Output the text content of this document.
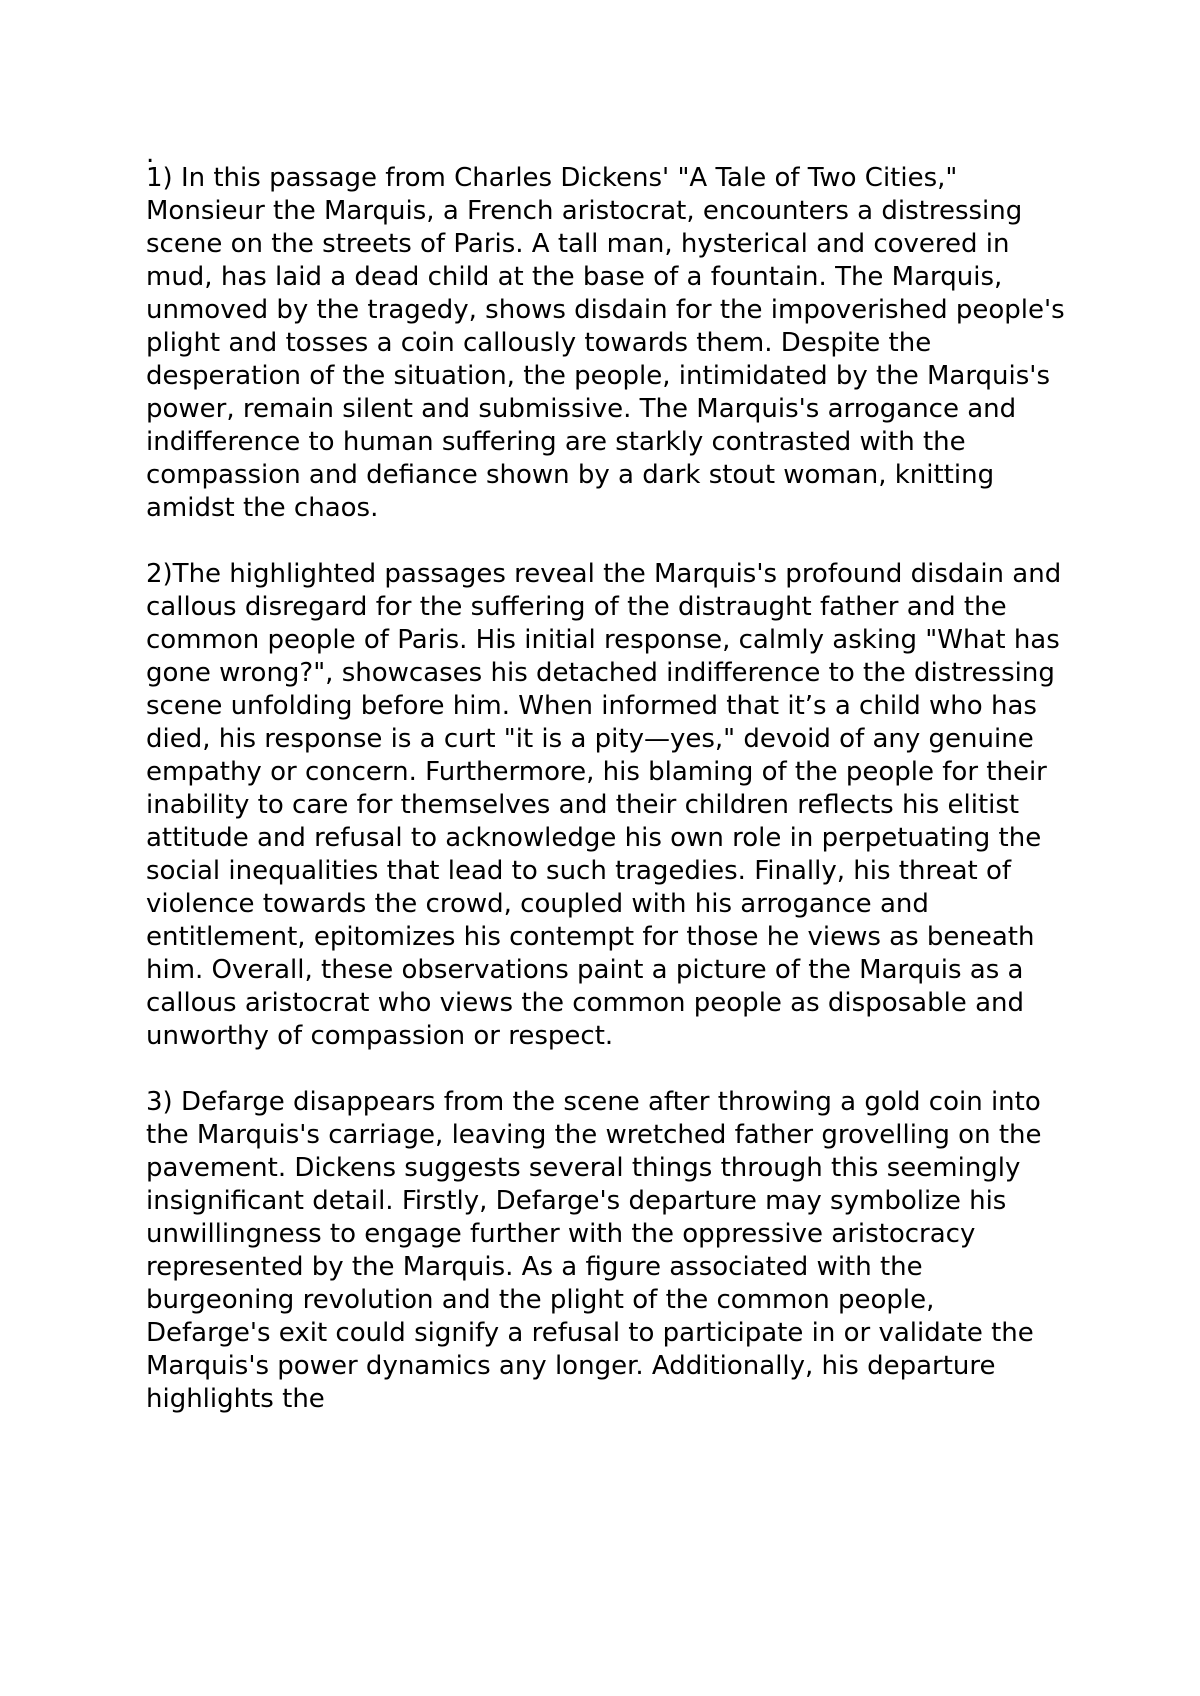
.

1) In this passage from Charles Dickens' "A Tale of Two Cities," Monsieur the Marquis, a French aristocrat, encounters a distressing scene on the streets of Paris. A tall man, hysterical and covered in mud, has laid a dead child at the base of a fountain. The Marquis, unmoved by the tragedy, shows disdain for the impoverished people's plight and tosses a coin callously towards them. Despite the desperation of the situation, the people, intimidated by the Marquis's power, remain silent and submissive. The Marquis's arrogance and indifference to human suffering are starkly contrasted with the compassion and defiance shown by a dark stout woman, knitting amidst the chaos.

2)The highlighted passages reveal the Marquis's profound disdain and callous disregard for the suffering of the distraught father and the common people of Paris. His initial response, calmly asking "What has gone wrong?", showcases his detached indifference to the distressing scene unfolding before him. When informed that it’s a child who has died, his response is a curt "it is a pity—yes," devoid of any genuine empathy or concern. Furthermore, his blaming of the people for their inability to care for themselves and their children reflects his elitist attitude and refusal to acknowledge his own role in perpetuating the social inequalities that lead to such tragedies. Finally, his threat of violence towards the crowd, coupled with his arrogance and entitlement, epitomizes his contempt for those he views as beneath him. Overall, these observations paint a picture of the Marquis as a callous aristocrat who views the common people as disposable and unworthy of compassion or respect.

3) Defarge disappears from the scene after throwing a gold coin into the Marquis's carriage, leaving the wretched father grovelling on the pavement. Dickens suggests several things through this seemingly insignificant detail. Firstly, Defarge's departure may symbolize his unwillingness to engage further with the oppressive aristocracy represented by the Marquis. As a figure associated with the burgeoning revolution and the plight of the common people, Defarge's exit could signify a refusal to participate in or validate the Marquis's power dynamics any longer. Additionally, his departure highlights the
